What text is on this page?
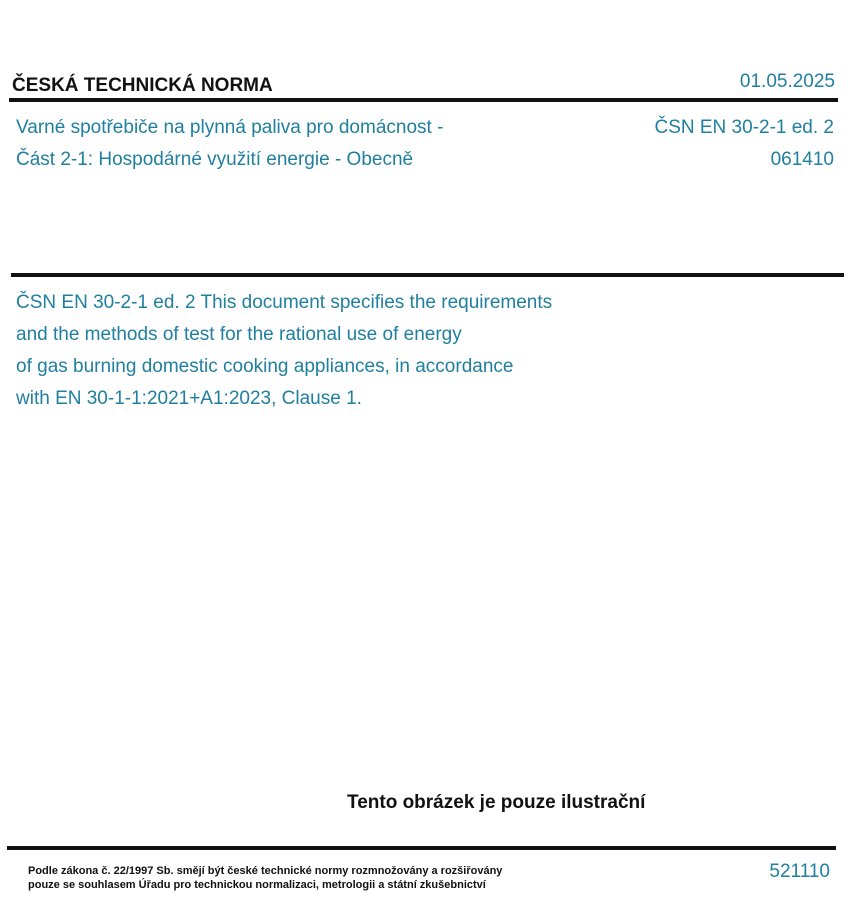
ČESKÁ TECHNICKÁ NORMA	01.05.2025
Varné spotřebiče na plynná paliva pro domácnost -
Část 2-1: Hospodárné využití energie - Obecně
ČSN EN 30-2-1 ed. 2
061410
ČSN EN 30-2-1 ed. 2 This document specifies the requirements
and the methods of test for the rational use of energy
of gas burning domestic cooking appliances, in accordance
with EN 30-1-1:2021+A1:2023, Clause 1.
Tento obrázek je pouze ilustrační
Podle zákona č. 22/1997 Sb. smějí být české technické normy rozmnožovány a rozšiřovány
pouze se souhlasem Úřadu pro technickou normalizaci, metrologii a státní zkušebnictví
521110
